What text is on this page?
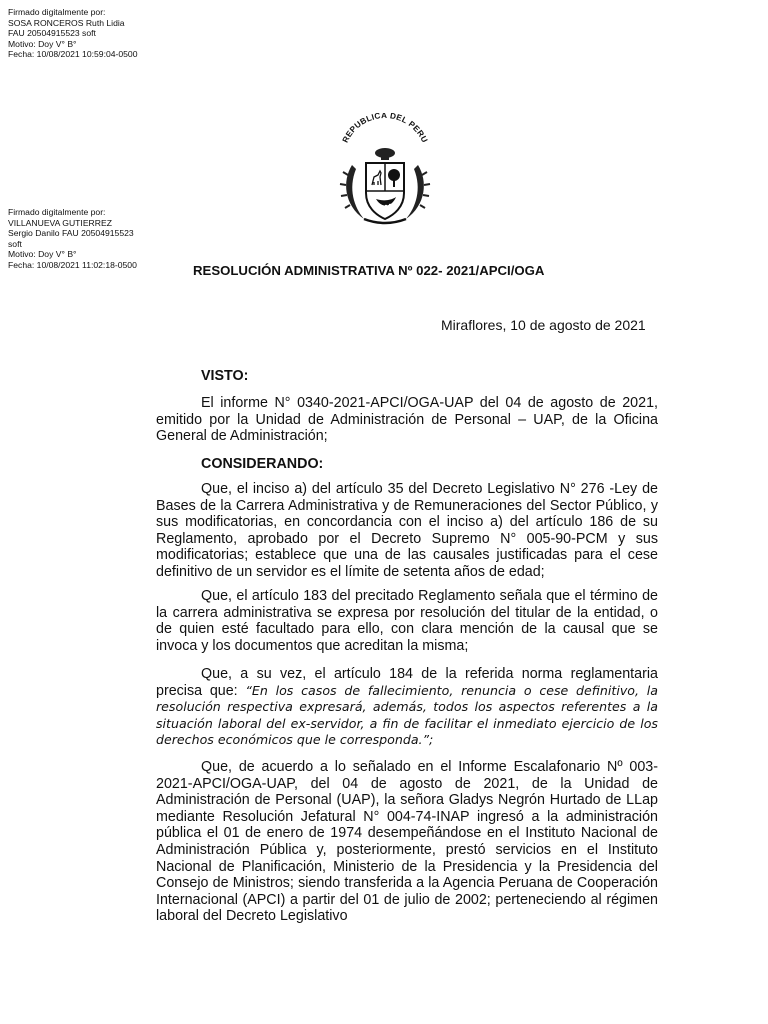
Firmado digitalmente por:
SOSA RONCEROS Ruth Lidia
FAU 20504915523 soft
Motivo: Doy V° B°
Fecha: 10/08/2021 10:59:04-0500
Firmado digitalmente por:
VILLANUEVA GUTIERREZ
Sergio Danilo FAU 20504915523
soft
Motivo: Doy V° B°
Fecha: 10/08/2021 11:02:18-0500
REPUBLICA DEL PERU
RESOLUCIÓN ADMINISTRATIVA Nº 022- 2021/APCI/OGA
Miraflores, 10 de agosto de 2021
VISTO:
El informe N° 0340-2021-APCI/OGA-UAP del 04 de agosto de 2021, emitido por la Unidad de Administración de Personal – UAP, de la Oficina General de Administración;
CONSIDERANDO:
Que, el inciso a) del artículo 35 del Decreto Legislativo N° 276 -Ley de Bases de la Carrera Administrativa y de Remuneraciones del Sector Público, y sus modificatorias, en concordancia con el inciso a) del artículo 186 de su Reglamento, aprobado por el Decreto Supremo N° 005-90-PCM y sus modificatorias; establece que una de las causales justificadas para el cese definitivo de un servidor es el límite de setenta años de edad;
Que, el artículo 183 del precitado Reglamento señala que el término de la carrera administrativa se expresa por resolución del titular de la entidad, o de quien esté facultado para ello, con clara mención de la causal que se invoca y los documentos que acreditan la misma;
Que, a su vez, el artículo 184 de la referida norma reglamentaria precisa que: “En los casos de fallecimiento, renuncia o cese definitivo, la resolución respectiva expresará, además, todos los aspectos referentes a la situación laboral del ex-servidor, a fin de facilitar el inmediato ejercicio de los derechos económicos que le corresponda.”;
Que, de acuerdo a lo señalado en el Informe Escalafonario Nº 003-2021-APCI/OGA-UAP, del 04 de agosto de 2021, de la Unidad de Administración de Personal (UAP), la señora Gladys Negrón Hurtado de LLap mediante Resolución Jefatural N° 004-74-INAP ingresó a la administración pública el 01 de enero de 1974 desempeñándose en el Instituto Nacional de Administración Pública y, posteriormente, prestó servicios en el Instituto Nacional de Planificación, Ministerio de la Presidencia y la Presidencia del Consejo de Ministros; siendo transferida a la Agencia Peruana de Cooperación Internacional (APCI) a partir del 01 de julio de 2002; perteneciendo al régimen laboral del Decreto Legislativo
